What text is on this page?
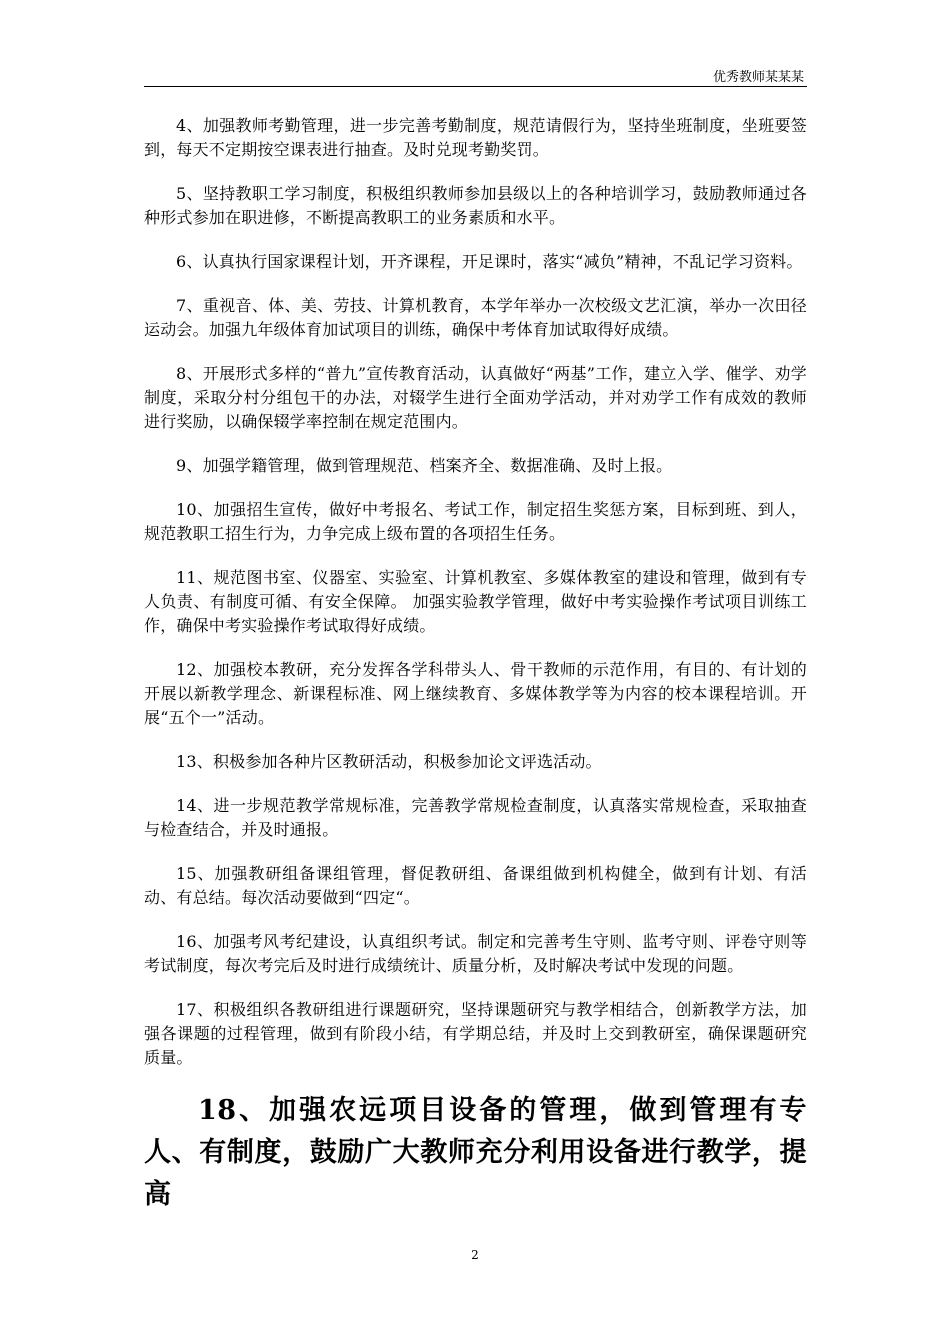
优秀教师某某某

4、加强教师考勤管理，进一步完善考勤制度，规范请假行为，坚持坐班制度，坐班要签到，每天不定期按空课表进行抽查。及时兑现考勤奖罚。

5、坚持教职工学习制度，积极组织教师参加县级以上的各种培训学习，鼓励教师通过各种形式参加在职进修，不断提高教职工的业务素质和水平。

6、认真执行国家课程计划，开齐课程，开足课时，落实“减负”精神，不乱记学习资料。

7、重视音、体、美、劳技、计算机教育，本学年举办一次校级文艺汇演，举办一次田径运动会。加强九年级体育加试项目的训练，确保中考体育加试取得好成绩。

8、开展形式多样的“普九”宣传教育活动，认真做好“两基”工作，建立入学、催学、劝学制度，采取分村分组包干的办法，对辍学生进行全面劝学活动，并对劝学工作有成效的教师进行奖励，以确保辍学率控制在规定范围内。

9、加强学籍管理，做到管理规范、档案齐全、数据准确、及时上报。

10、加强招生宣传，做好中考报名、考试工作，制定招生奖惩方案，目标到班、到人，规范教职工招生行为，力争完成上级布置的各项招生任务。

11、规范图书室、仪器室、实验室、计算机教室、多媒体教室的建设和管理，做到有专人负责、有制度可循、有安全保障。 加强实验教学管理，做好中考实验操作考试项目训练工作，确保中考实验操作考试取得好成绩。

12、加强校本教研，充分发挥各学科带头人、骨干教师的示范作用，有目的、有计划的开展以新教学理念、新课程标准、网上继续教育、多媒体教学等为内容的校本课程培训。开展“五个一”活动。

13、积极参加各种片区教研活动，积极参加论文评选活动。

14、进一步规范教学常规标准，完善教学常规检查制度，认真落实常规检查，采取抽查与检查结合，并及时通报。

15、加强教研组备课组管理，督促教研组、备课组做到机构健全，做到有计划、有活动、有总结。每次活动要做到“四定“。

16、加强考风考纪建设，认真组织考试。制定和完善考生守则、监考守则、评卷守则等考试制度，每次考完后及时进行成绩统计、质量分析，及时解决考试中发现的问题。

17、积极组织各教研组进行课题研究，坚持课题研究与教学相结合，创新教学方法，加强各课题的过程管理，做到有阶段小结，有学期总结，并及时上交到教研室，确保课题研究质量。

18、加强农远项目设备的管理，做到管理有专人、有制度，鼓励广大教师充分利用设备进行教学，提高

2
